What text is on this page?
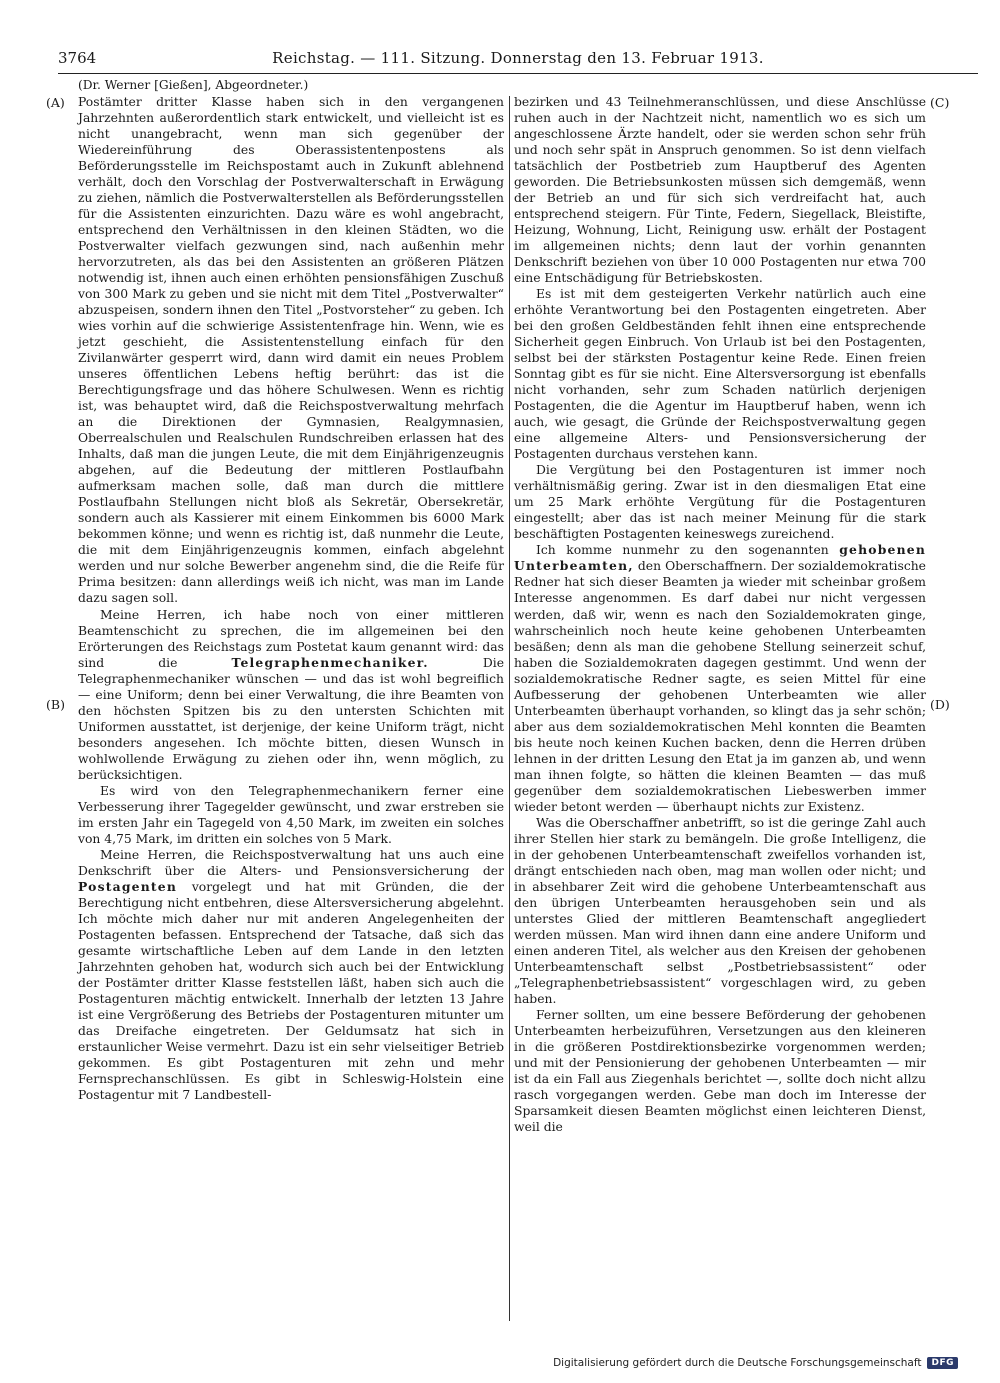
3764	Reichstag. — 111. Sitzung. Donnerstag den 13. Februar 1913.
(Dr. Werner [Gießen], Abgeordneter.)
(A)
(B)
(C)
(D)

Postämter dritter Klasse haben sich in den vergangenen Jahrzehnten außerordentlich stark entwickelt, und vielleicht ist es nicht unangebracht, wenn man sich gegenüber der Wiedereinführung des Oberassistentenpostens als Beförderungsstelle im Reichspostamt auch in Zukunft ablehnend verhält, doch den Vorschlag der Postverwalterschaft in Erwägung zu ziehen, nämlich die Postverwalterstellen als Beförderungsstellen für die Assistenten einzurichten. Dazu wäre es wohl angebracht, entsprechend den Verhältnissen in den kleinen Städten, wo die Postverwalter vielfach gezwungen sind, nach außenhin mehr hervorzutreten, als das bei den Assistenten an größeren Plätzen notwendig ist, ihnen auch einen erhöhten pensionsfähigen Zuschuß von 300 Mark zu geben und sie nicht mit dem Titel „Postverwalter“ abzuspeisen, sondern ihnen den Titel „Postvorsteher“ zu geben. Ich wies vorhin auf die schwierige Assistentenfrage hin. Wenn, wie es jetzt geschieht, die Assistentenstellung einfach für den Zivilanwärter gesperrt wird, dann wird damit ein neues Problem unseres öffentlichen Lebens heftig berührt: das ist die Berechtigungsfrage und das höhere Schulwesen. Wenn es richtig ist, was behauptet wird, daß die Reichspostverwaltung mehrfach an die Direktionen der Gymnasien, Realgymnasien, Oberrealschulen und Realschulen Rundschreiben erlassen hat des Inhalts, daß man die jungen Leute, die mit dem Einjährigenzeugnis abgehen, auf die Bedeutung der mittleren Postlaufbahn aufmerksam machen solle, daß man durch die mittlere Postlaufbahn Stellungen nicht bloß als Sekretär, Obersekretär, sondern auch als Kassierer mit einem Einkommen bis 6000 Mark bekommen könne; und wenn es richtig ist, daß nunmehr die Leute, die mit dem Einjährigenzeugnis kommen, einfach abgelehnt werden und nur solche Bewerber angenehm sind, die die Reife für Prima besitzen: dann allerdings weiß ich nicht, was man im Lande dazu sagen soll.

Meine Herren, ich habe noch von einer mittleren Beamtenschicht zu sprechen, die im allgemeinen bei den Erörterungen des Reichstags zum Postetat kaum genannt wird: das sind die Telegraphenmechaniker. Die Telegraphenmechaniker wünschen — und das ist wohl begreiflich — eine Uniform; denn bei einer Verwaltung, die ihre Beamten von den höchsten Spitzen bis zu den untersten Schichten mit Uniformen ausstattet, ist derjenige, der keine Uniform trägt, nicht besonders angesehen. Ich möchte bitten, diesen Wunsch in wohlwollende Erwägung zu ziehen oder ihn, wenn möglich, zu berücksichtigen.

Es wird von den Telegraphenmechanikern ferner eine Verbesserung ihrer Tagegelder gewünscht, und zwar erstreben sie im ersten Jahr ein Tagegeld von 4,50 Mark, im zweiten ein solches von 4,75 Mark, im dritten ein solches von 5 Mark.

Meine Herren, die Reichspostverwaltung hat uns auch eine Denkschrift über die Alters- und Pensionsversicherung der Postagenten vorgelegt und hat mit Gründen, die der Berechtigung nicht entbehren, diese Altersversicherung abgelehnt. Ich möchte mich daher nur mit anderen Angelegenheiten der Postagenten befassen. Entsprechend der Tatsache, daß sich das gesamte wirtschaftliche Leben auf dem Lande in den letzten Jahrzehnten gehoben hat, wodurch sich auch bei der Entwicklung der Postämter dritter Klasse feststellen läßt, haben sich auch die Postagenturen mächtig entwickelt. Innerhalb der letzten 13 Jahre ist eine Vergrößerung des Betriebs der Postagenturen mitunter um das Dreifache eingetreten. Der Geldumsatz hat sich in erstaunlicher Weise vermehrt. Dazu ist ein sehr vielseitiger Betrieb gekommen. Es gibt Postagenturen mit zehn und mehr Fernsprechanschlüssen. Es gibt in Schleswig-Holstein eine Postagentur mit 7 Landbestell-

bezirken und 43 Teilnehmeranschlüssen, und diese Anschlüsse ruhen auch in der Nachtzeit nicht, namentlich wo es sich um angeschlossene Ärzte handelt, oder sie werden schon sehr früh und noch sehr spät in Anspruch genommen. So ist denn vielfach tatsächlich der Postbetrieb zum Hauptberuf des Agenten geworden. Die Betriebsunkosten müssen sich demgemäß, wenn der Betrieb an und für sich sich verdreifacht hat, auch entsprechend steigern. Für Tinte, Federn, Siegellack, Bleistifte, Heizung, Wohnung, Licht, Reinigung usw. erhält der Postagent im allgemeinen nichts; denn laut der vorhin genannten Denkschrift beziehen von über 10 000 Postagenten nur etwa 700 eine Entschädigung für Betriebskosten.

Es ist mit dem gesteigerten Verkehr natürlich auch eine erhöhte Verantwortung bei den Postagenten eingetreten. Aber bei den großen Geldbeständen fehlt ihnen eine entsprechende Sicherheit gegen Einbruch. Von Urlaub ist bei den Postagenten, selbst bei der stärksten Postagentur keine Rede. Einen freien Sonntag gibt es für sie nicht. Eine Altersversorgung ist ebenfalls nicht vorhanden, sehr zum Schaden natürlich derjenigen Postagenten, die die Agentur im Hauptberuf haben, wenn ich auch, wie gesagt, die Gründe der Reichspostverwaltung gegen eine allgemeine Alters- und Pensionsversicherung der Postagenten durchaus verstehen kann.

Die Vergütung bei den Postagenturen ist immer noch verhältnismäßig gering. Zwar ist in den diesmaligen Etat eine um 25 Mark erhöhte Vergütung für die Postagenturen eingestellt; aber das ist nach meiner Meinung für die stark beschäftigten Postagenten keineswegs zureichend.

Ich komme nunmehr zu den sogenannten gehobenen Unterbeamten, den Oberschaffnern. Der sozialdemokratische Redner hat sich dieser Beamten ja wieder mit scheinbar großem Interesse angenommen. Es darf dabei nur nicht vergessen werden, daß wir, wenn es nach den Sozialdemokraten ginge, wahrscheinlich noch heute keine gehobenen Unterbeamten besäßen; denn als man die gehobene Stellung seinerzeit schuf, haben die Sozialdemokraten dagegen gestimmt. Und wenn der sozialdemokratische Redner sagte, es seien Mittel für eine Aufbesserung der gehobenen Unterbeamten wie aller Unterbeamten überhaupt vorhanden, so klingt das ja sehr schön; aber aus dem sozialdemokratischen Mehl konnten die Beamten bis heute noch keinen Kuchen backen, denn die Herren drüben lehnen in der dritten Lesung den Etat ja im ganzen ab, und wenn man ihnen folgte, so hätten die kleinen Beamten — das muß gegenüber dem sozialdemokratischen Liebeswerben immer wieder betont werden — überhaupt nichts zur Existenz.

Was die Oberschaffner anbetrifft, so ist die geringe Zahl auch ihrer Stellen hier stark zu bemängeln. Die große Intelligenz, die in der gehobenen Unterbeamtenschaft zweifellos vorhanden ist, drängt entschieden nach oben, mag man wollen oder nicht; und in absehbarer Zeit wird die gehobene Unterbeamtenschaft aus den übrigen Unterbeamten herausgehoben sein und als unterstes Glied der mittleren Beamtenschaft angegliedert werden müssen. Man wird ihnen dann eine andere Uniform und einen anderen Titel, als welcher aus den Kreisen der gehobenen Unterbeamtenschaft selbst „Postbetriebsassistent“ oder „Telegraphenbetriebsassistent“ vorgeschlagen wird, zu geben haben.

Ferner sollten, um eine bessere Beförderung der gehobenen Unterbeamten herbeizuführen, Versetzungen aus den kleineren in die größeren Postdirektionsbezirke vorgenommen werden; und mit der Pensionierung der gehobenen Unterbeamten — mir ist da ein Fall aus Ziegenhals berichtet —, sollte doch nicht allzu rasch vorgegangen werden. Gebe man doch im Interesse der Sparsamkeit diesen Beamten möglichst einen leichteren Dienst, weil die

Digitalisierung gefördert durch die Deutsche Forschungsgemeinschaft	DFG
